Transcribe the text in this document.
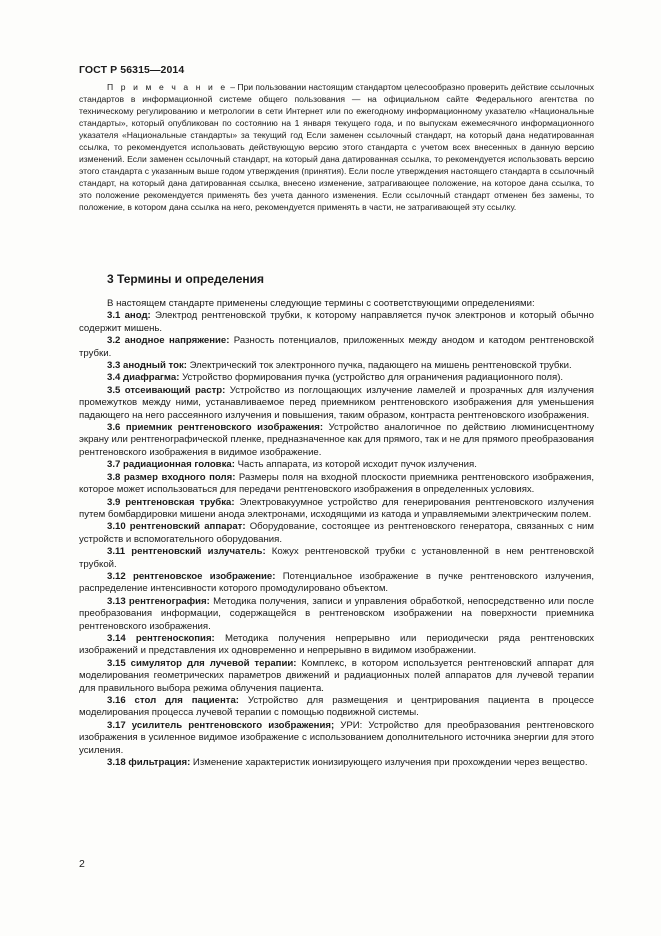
ГОСТ Р 56315—2014
П р и м е ч а н и е – При пользовании настоящим стандартом целесообразно проверить действие ссылочных стандартов в информационной системе общего пользования — на официальном сайте Федерального агентства по техническому регулированию и метрологии в сети Интернет или по ежегодному информационному указателю «Национальные стандарты», который опубликован по состоянию на 1 января текущего года, и по выпускам ежемесячного информационного указателя «Национальные стандарты» за текущий год Если заменен ссылочный стандарт, на который дана недатированная ссылка, то рекомендуется использовать действующую версию этого стандарта с учетом всех внесенных в данную версию изменений. Если заменен ссылочный стандарт, на который дана датированная ссылка, то рекомендуется использовать версию этого стандарта с указанным выше годом утверждения (принятия). Если после утверждения настоящего стандарта в ссылочный стандарт, на который дана датированная ссылка, внесено изменение, затрагивающее положение, на которое дана ссылка, то это положение рекомендуется применять без учета данного изменения. Если ссылочный стандарт отменен без замены, то положение, в котором дана ссылка на него, рекомендуется применять в части, не затрагивающей эту ссылку.
3 Термины и определения

В настоящем стандарте применены следующие термины с соответствующими определениями:

3.1 анод: Электрод рентгеновской трубки, к которому направляется пучок электронов и который обычно содержит мишень.

3.2 анодное напряжение: Разность потенциалов, приложенных между анодом и катодом рентгеновской трубки.

3.3 анодный ток: Электрический ток электронного пучка, падающего на мишень рентгеновской трубки.

3.4 диафрагма: Устройство формирования пучка (устройство для ограничения радиационного поля).

3.5 отсеивающий растр: Устройство из поглощающих излучение ламелей и прозрачных для излучения промежутков между ними, устанавливаемое перед приемником рентгеновского изображения для уменьшения падающего на него рассеянного излучения и повышения, таким образом, контраста рентгеновского изображения.

3.6 приемник рентгеновского изображения: Устройство аналогичное по действию люминисцентному экрану или рентгенографической пленке, предназначенное как для прямого, так и не для прямого преобразования рентгеновского изображения в видимое изображение.

3.7 радиационная головка: Часть аппарата, из которой исходит пучок излучения.

3.8 размер входного поля: Размеры поля на входной плоскости приемника рентгеновского изображения, которое может использоваться для передачи рентгеновского изображения в определенных условиях.

3.9 рентгеновская трубка: Электровакуумное устройство для генерирования рентгеновского излучения путем бомбардировки мишени анода электронами, исходящими из катода и управляемыми электрическим полем.

3.10 рентгеновский аппарат: Оборудование, состоящее из рентгеновского генератора, связанных с ним устройств и вспомогательного оборудования.

3.11 рентгеновский излучатель: Кожух рентгеновской трубки с установленной в нем рентгеновской трубкой.

3.12 рентгеновское изображение: Потенциальное изображение в пучке рентгеновского излучения, распределение интенсивности которого промодулировано объектом.

3.13 рентгенография: Методика получения, записи и управления обработкой, непосредственно или после преобразования информации, содержащейся в рентгеновском изображении на поверхности приемника рентгеновского изображения.

3.14 рентгеноскопия: Методика получения непрерывно или периодически ряда рентгеновских изображений и представления их одновременно и непрерывно в видимом изображении.

3.15 симулятор для лучевой терапии: Комплекс, в котором используется рентгеновский аппарат для моделирования геометрических параметров движений и радиационных полей аппаратов для лучевой терапии для правильного выбора режима облучения пациента.

3.16 стол для пациента: Устройство для размещения и центрирования пациента в процессе моделирования процесса лучевой терапии с помощью подвижной системы.

3.17 усилитель рентгеновского изображения; УРИ: Устройство для преобразования рентгеновского изображения в усиленное видимое изображение с использованием дополнительного источника энергии для этого усиления.

3.18 фильтрация: Изменение характеристик ионизирующего излучения при прохождении через вещество.

2
